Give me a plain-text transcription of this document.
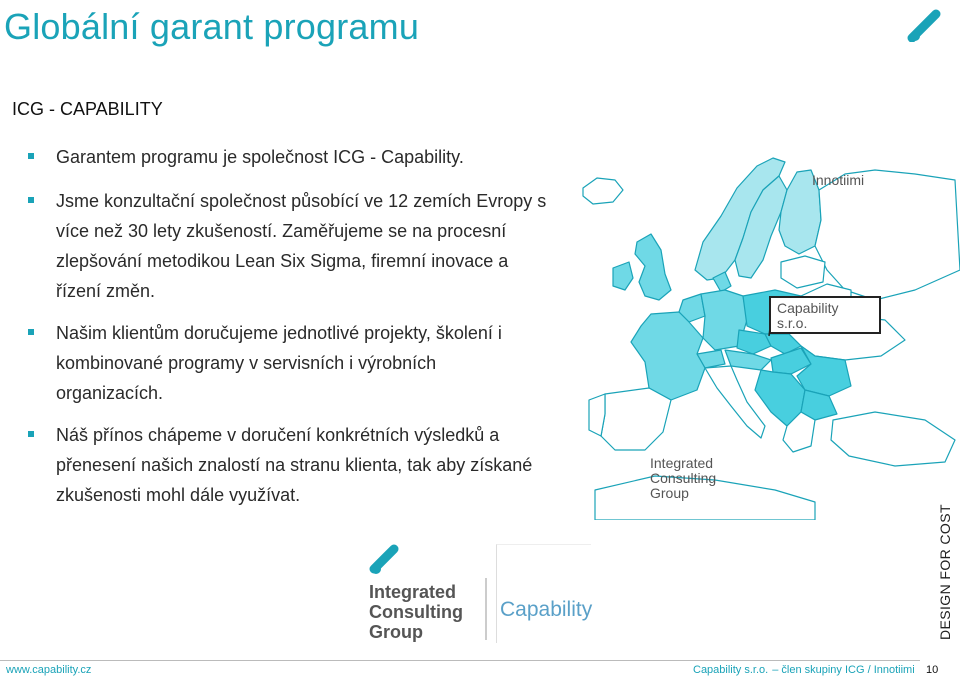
Globální garant programu
ICG - CAPABILITY
Garantem programu je společnost ICG - Capability.
Jsme konzultační společnost působící ve 12 zemích Evropy s více než 30 lety zkušeností. Zaměřujeme se na procesní zlepšování metodikou Lean Six Sigma, firemní inovace a řízení změn.
Našim klientům doručujeme jednotlivé projekty, školení i kombinované programy v servisních i výrobních organizacích.
Náš přínos chápeme v doručení konkrétních výsledků a přenesení našich znalostí na stranu klienta, tak aby získané zkušenosti mohl dále využívat.
Innotiimi
Capability
s.r.o.
Integrated
Consulting
Group
Integrated
Consulting
Group
Capability	DESIGN FOR COST
www.capability.cz	Capability s.r.o. – člen skupiny ICG / Innotiimi 10
